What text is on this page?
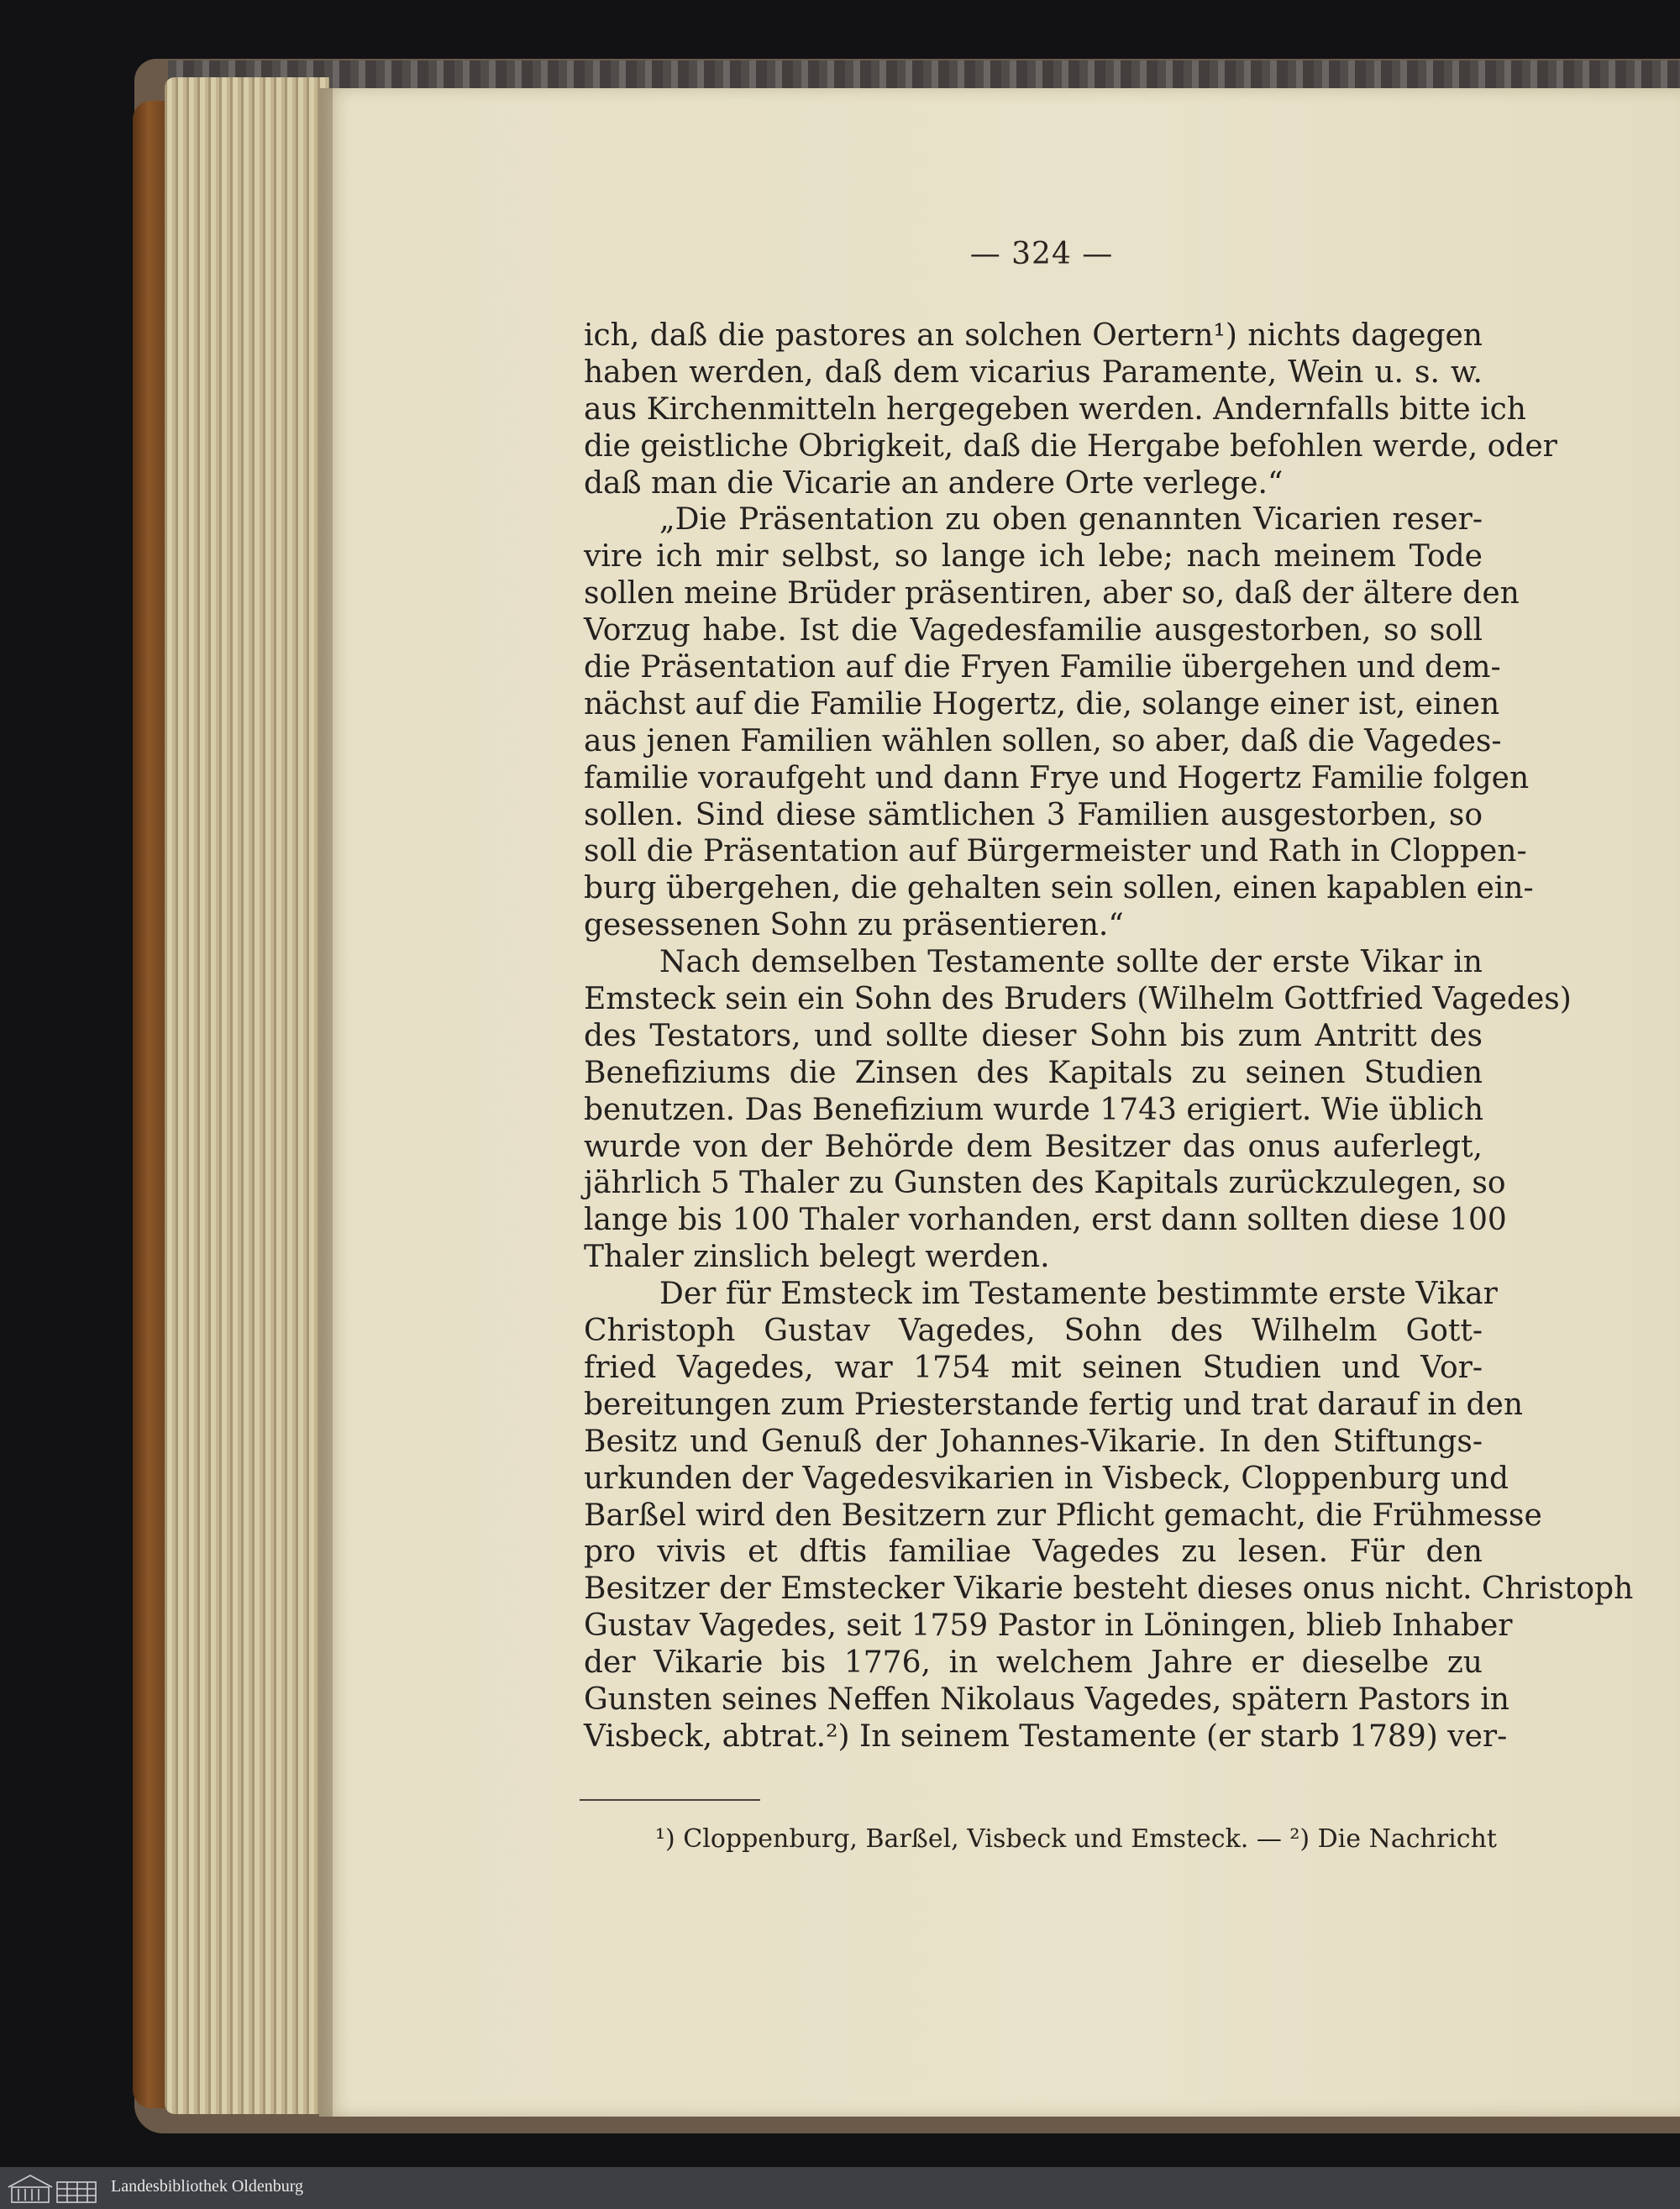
— 324 —
ich, daß die pastores an solchen Oertern¹) nichts dagegen
haben werden, daß dem vicarius Paramente, Wein u. s. w.
aus Kirchenmitteln hergegeben werden. Andernfalls bitte ich
die geistliche Obrigkeit, daß die Hergabe befohlen werde, oder
daß man die Vicarie an andere Orte verlege.“
„Die Präsentation zu oben genannten Vicarien reser-
vire ich mir selbst, so lange ich lebe; nach meinem Tode
sollen meine Brüder präsentiren, aber so, daß der ältere den
Vorzug habe. Ist die Vagedesfamilie ausgestorben, so soll
die Präsentation auf die Fryen Familie übergehen und dem-
nächst auf die Familie Hogertz, die, solange einer ist, einen
aus jenen Familien wählen sollen, so aber, daß die Vagedes-
familie voraufgeht und dann Frye und Hogertz Familie folgen
sollen. Sind diese sämtlichen 3 Familien ausgestorben, so
soll die Präsentation auf Bürgermeister und Rath in Cloppen-
burg übergehen, die gehalten sein sollen, einen kapablen ein-
gesessenen Sohn zu präsentieren.“
Nach demselben Testamente sollte der erste Vikar in
Emsteck sein ein Sohn des Bruders (Wilhelm Gottfried Vagedes)
des Testators, und sollte dieser Sohn bis zum Antritt des
Benefiziums die Zinsen des Kapitals zu seinen Studien
benutzen. Das Benefizium wurde 1743 erigiert. Wie üblich
wurde von der Behörde dem Besitzer das onus auferlegt,
jährlich 5 Thaler zu Gunsten des Kapitals zurückzulegen, so
lange bis 100 Thaler vorhanden, erst dann sollten diese 100
Thaler zinslich belegt werden.
Der für Emsteck im Testamente bestimmte erste Vikar
Christoph Gustav Vagedes, Sohn des Wilhelm Gott-
fried Vagedes, war 1754 mit seinen Studien und Vor-
bereitungen zum Priesterstande fertig und trat darauf in den
Besitz und Genuß der Johannes-Vikarie. In den Stiftungs-
urkunden der Vagedesvikarien in Visbeck, Cloppenburg und
Barßel wird den Besitzern zur Pflicht gemacht, die Frühmesse
pro vivis et dftis familiae Vagedes zu lesen. Für den
Besitzer der Emstecker Vikarie besteht dieses onus nicht. Christoph
Gustav Vagedes, seit 1759 Pastor in Löningen, blieb Inhaber
der Vikarie bis 1776, in welchem Jahre er dieselbe zu
Gunsten seines Neffen Nikolaus Vagedes, spätern Pastors in
Visbeck, abtrat.²) In seinem Testamente (er starb 1789) ver-
¹) Cloppenburg, Barßel, Visbeck und Emsteck. — ²) Die Nachricht
Landesbibliothek Oldenburg
